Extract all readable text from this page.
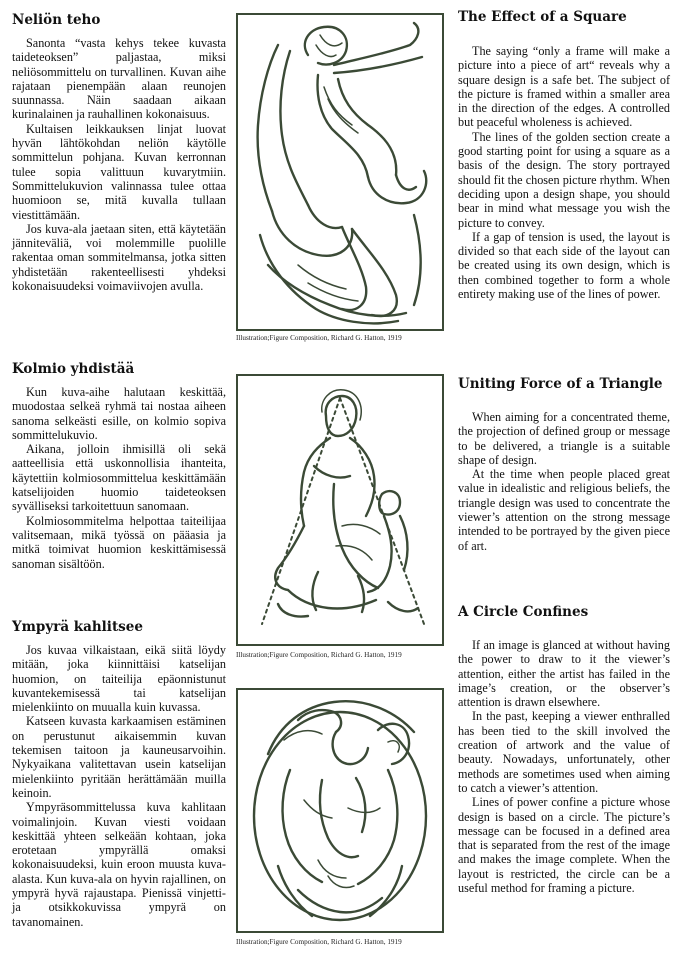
Neliön teho

Sanonta “vasta kehys tekee kuvasta taideteoksen” paljastaa, miksi neliösommittelu on turvallinen. Kuvan aihe rajataan pienempään alaan reunojen suunnassa. Näin saadaan aikaan kurinalainen ja rauhallinen kokonaisuus.

Kultaisen leikkauksen linjat luovat hyvän lähtökohdan neliön käytölle sommittelun pohjana. Kuvan kerronnan tulee sopia valittuun kuvarytmiin. Sommittelukuvion valinnassa tulee ottaa huomioon se, mitä kuvalla tullaan viestittämään.

Jos kuva-ala jaetaan siten, että käytetään jänniteväliä, voi molemmille puolille rakentaa oman sommitelmansa, jotka sitten yhdistetään rakenteellisesti yhdeksi kokonaisuudeksi voimaviivojen avulla.

Kolmio yhdistää

Kun kuva-aihe halutaan keskittää, muodostaa selkeä ryhmä tai nostaa aiheen sanoma selkeästi esille, on kolmio sopiva sommittelukuvio.

Aikana, jolloin ihmisillä oli sekä aatteellisia että uskonnollisia ihanteita, käytettiin kolmiosommittelua keskittämään katselijoiden huomio taideteoksen syvälliseksi tarkoitettuun sanomaan.

Kolmiosommitelma helpottaa taiteilijaa valitsemaan, mikä työssä on pääasia ja mitkä toimivat huomion keskittämisessä sanoman sisältöön.

Ympyrä kahlitsee

Jos kuvaa vilkaistaan, eikä siitä löydy mitään, joka kiinnittäisi katselijan huomion, on taiteilija epäonnistunut kuvantekemisessä tai katselijan mielenkiinto on muualla kuin kuvassa.

Katseen kuvasta karkaamisen estäminen on perustunut aikaisemmin kuvan tekemisen taitoon ja kauneusarvoihin. Nykyaikana valitettavan usein katselijan mielenkiinto pyritään herättämään muilla keinoin.

Ympyräsommittelussa kuva kahlitaan voimalinjoin. Kuvan viesti voidaan keskittää yhteen selkeään kohtaan, joka erotetaan ympyrällä omaksi kokonaisuudeksi, kuin eroon muusta kuva-alasta. Kun kuva-ala on hyvin rajallinen, on ympyrä hyvä rajaustapa. Pienissä vinjetti- ja otsikkokuvissa ympyrä on tavanomainen.

Illustration;Figure Composition, Richard G. Hatton, 1919
Illustration;Figure Composition, Richard G. Hatton, 1919
Illustration;Figure Composition, Richard G. Hatton, 1919
The Effect of a Square

The saying “only a frame will make a picture into a piece of art“ reveals why a square design is a safe bet. The subject of the picture is framed within a smaller area in the direction of the edges. A controlled but peaceful wholeness is achieved.

The lines of the golden section create a good starting point for using a square as a basis of the design. The story portrayed should fit the chosen picture rhythm. When deciding upon a design shape, you should bear in mind what message you wish the picture to convey.

If a gap of tension is used, the layout is divided so that each side of the layout can be created using its own design, which is then combined together to form a whole entirety making use of the lines of power.

Uniting Force of a Triangle

When aiming for a concentrated theme, the projection of defined group or message to be delivered, a triangle is a suitable shape of design.

At the time when people placed great value in idealistic and religious beliefs, the triangle design was used to concentrate the viewer’s attention on the strong message intended to be portrayed by the given piece of art.

A Circle Confines

If an image is glanced at without having the power to draw to it the viewer’s attention, either the artist has failed in the image’s creation, or the observer’s attention is drawn elsewhere.

In the past, keeping a viewer enthralled has been tied to the skill involved the creation of artwork and the value of beauty. Nowadays, unfortunately, other methods are sometimes used when aiming to catch a viewer’s attention.

Lines of power confine a picture whose design is based on a circle. The picture’s message can be focused in a defined area that is separated from the rest of the image and makes the image complete. When the layout is restricted, the circle can be a useful method for framing a picture.
